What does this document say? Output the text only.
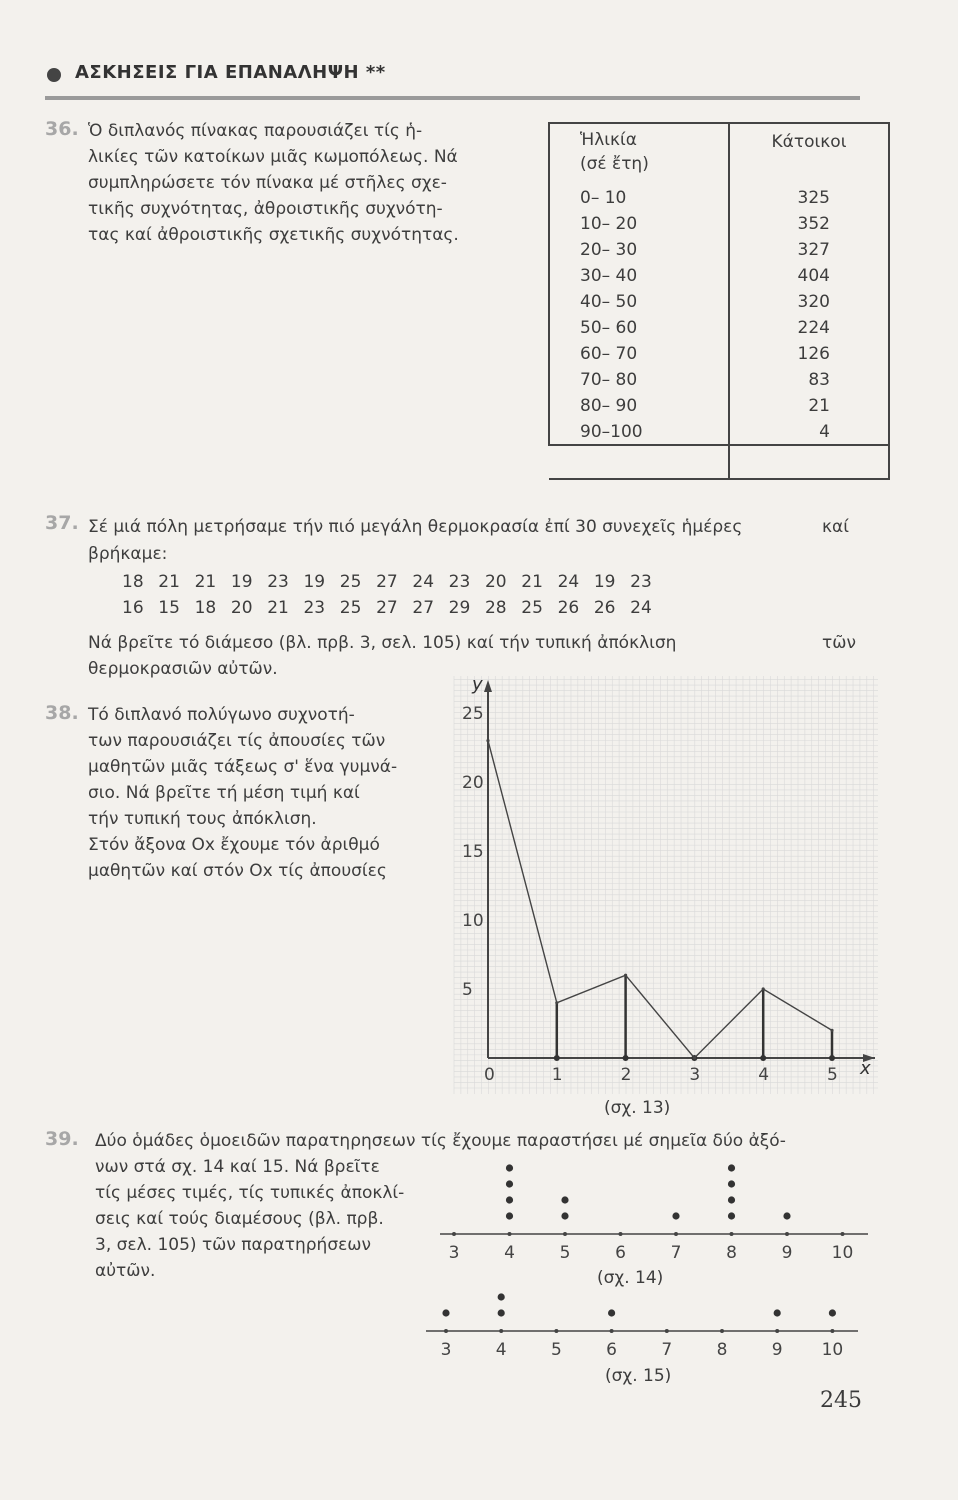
ΑΣΚΗΣΕΙΣ ΓΙΑ ΕΠΑΝΑΛΗΨΗ **
36. Ὁ διπλανός πίνακας παρουσιάζει τίς ἡ-
λικίες τῶν κατοίκων μιᾶς κωμοπόλεως. Νά
συμπληρώσετε τόν πίνακα μέ στῆλες σχε-
τικῆς συχνότητας, ἀθροιστικῆς συχνότη-
τας καί ἀθροιστικῆς σχετικῆς συχνότητας.
Ἡλικία
(σέ ἔτη)	Κάτοικοι
0– 10	325
10– 20	352
20– 30	327
30– 40	404
40– 50	320
50– 60	224
60– 70	126
70– 80	83
80– 90	21
90–100	4

37. Σέ μιά πόλη μετρήσαμε τήν πιό μεγάλη θερμοκρασία ἐπί 30 συνεχεῖς ἡμέρες	καί
βρήκαμε:
18 21 21 19 23 19 25 27 24 23 20 21 24 19 23
16 15 18 20 21 23 25 27 27 29 28 25 26 26 24
Νά βρεῖτε τό διάμεσο (βλ. πρβ. 3, σελ. 105) καί τήν τυπική ἀπόκλιση	τῶν
θερμοκρασιῶν αὐτῶν.
38. Τό διπλανό πολύγωνο συχνοτή-
των παρουσιάζει τίς ἀπουσίες τῶν
μαθητῶν μιᾶς τάξεως σ' ἕνα γυμνά-
σιο. Νά βρεῖτε τή μέση τιμή καί
τήν τυπική τους ἀπόκλιση.
Στόν ἄξονα Ox ἔχουμε τόν ἀριθμό
μαθητῶν καί στόν Ox τίς ἀπουσίες
x
y
0	1	2	3	4	5
5
10
15
20
25
(σχ. 13)
39. Δύο ὁμάδες ὁμοειδῶν παρατηρησεων τίς ἔχουμε παραστήσει μέ σημεῖα δύο ἀξό-
νων στά σχ. 14 καί 15. Νά βρεῖτε
τίς μέσες τιμές, τίς τυπικές ἀποκλί-
σεις καί τούς διαμέσους (βλ. πρβ.
3, σελ. 105) τῶν παρατηρήσεων
αὐτῶν.
3	4	5	6	7	8	9 10
(σχ. 14)
3	4	5	6	7	8	9 10
(σχ. 15)
245
